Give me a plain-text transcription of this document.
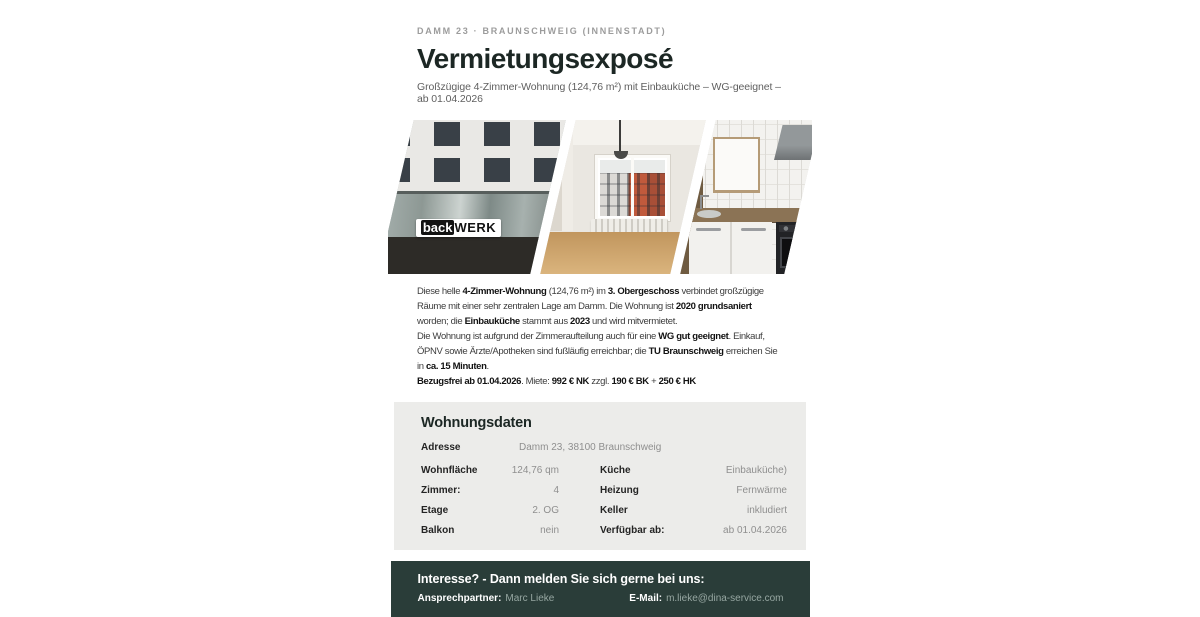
DAMM 23 · BRAUNSCHWEIG (INNENSTADT)
Vermietungsexposé
Großzügige 4-Zimmer-Wohnung (124,76 m²) mit Einbauküche – WG-geeignet – ab 01.04.2026
back WERK

Diese helle 4-Zimmer-Wohnung (124,76 m²) im 3. Obergeschoss verbindet großzügige Räume mit einer sehr zentralen Lage am Damm. Die Wohnung ist 2020 grundsaniert worden; die Einbauküche stammt aus 2023 und wird mitvermietet.

Die Wohnung ist aufgrund der Zimmeraufteilung auch für eine WG gut geeignet. Einkauf, ÖPNV sowie Ärzte/Apotheken sind fußläufig erreichbar; die TU Braunschweig erreichen Sie in ca. 15 Minuten.

Bezugsfrei ab 01.04.2026. Miete: 992 € NK zzgl. 190 € BK + 250 € HK

Wohnungsdaten
Adresse	Damm 23, 38100 Braunschweig
Wohnfläche	124,76 qm	Küche	Einbauküche)
Zimmer:	4	Heizung	Fernwärme
Etage	2. OG	Keller	inkludiert
Balkon	nein	Verfügbar ab:	ab 01.04.2026
Interesse? - Dann melden Sie sich gerne bei uns:
Ansprechpartner: Marc Lieke	E-Mail: m.lieke@dina-service.com
